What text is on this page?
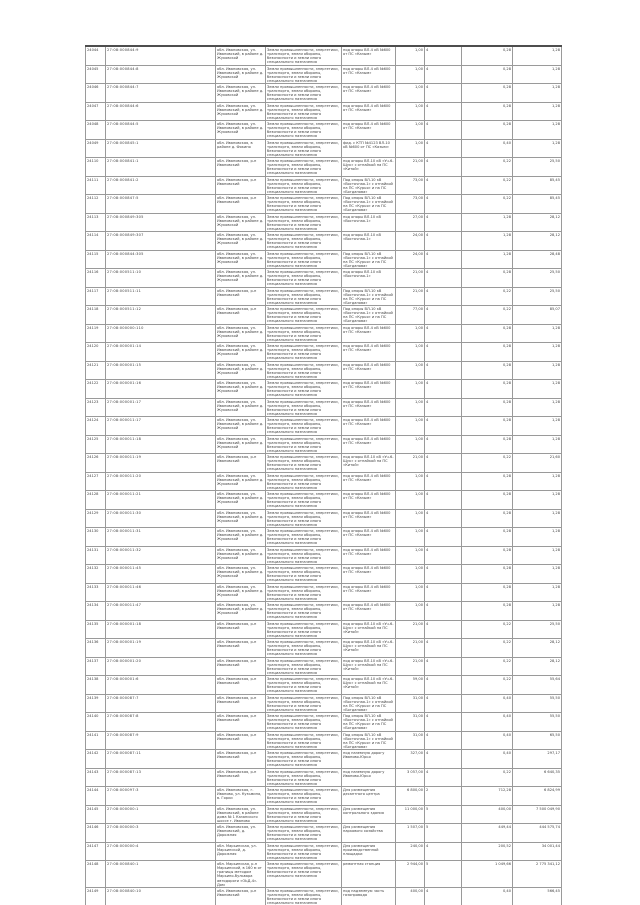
24044	27:08:000844:9	обл. Ивановская, ул. Ивановский, в районе д. Жуковской	Земли промышленности, энергетики, транспорта, земли обороны, безопасности и земли иного специального назначения	под опоры ВЛ-4 кВ №600 от ПС «Казым»	1,00	4	0,28	1,28
24045	27:08:000844:8	обл. Ивановская, ул. Ивановский, в районе д. Жуковской	Земли промышленности, энергетики, транспорта, земли обороны, безопасности и земли иного специального назначения	под опоры ВЛ-4 кВ №600 от ПС «Казым»	1,00	4	0,28	1,28
24046	27:08:000844:7	обл. Ивановская, ул. Ивановский, в районе д. Жуковской	Земли промышленности, энергетики, транспорта, земли обороны, безопасности и земли иного специального назначения	под опоры ВЛ-4 кВ №600 от ПС «Казым»	1,00	4	0,28	1,28
24047	27:08:000844:6	обл. Ивановская, ул. Ивановский, в районе д. Жуковской	Земли промышленности, энергетики, транспорта, земли обороны, безопасности и земли иного специального назначения	под опоры ВЛ-4 кВ №600 от ПС «Казым»	1,00	4	0,28	1,28
24048	27:08:000844:5	обл. Ивановская, ул. Ивановский, в районе д. Жуковской	Земли промышленности, энергетики, транспорта, земли обороны, безопасности и земли иного специального назначения	под опоры ВЛ-4 кВ №600 от ПС «Казым»	1,00	4	0,28	1,28
24049	27:08:000845:1	обл. Ивановская, в районе д. Фокино	Земли промышленности, энергетики, транспорта, земли обороны, безопасности и земли иного специального назначения	фид. с КТП №4123 ВЛ-10 кВ №600 от ПС «Казым»	1,00	4	0,40	1,28
24110	27:08:000841:1	обл. Ивановская, р-н Ивановский	Земли промышленности, энергетики, транспорта, земли обороны, безопасности и земли иного специального назначения	под опоры ВЛ-10 кВ «Уч-6-Щук» с отпайкой на ПС «Китой»	21,00	4	0,22	25,50
24111	27:08:000841:2	обл. Ивановская, р-н Ивановский	Земли промышленности, энергетики, транспорта, земли обороны, безопасности и земли иного специального назначения	Под опоры ВЛ-10 кВ «Восточная-1» с отпайкой на ПС «Курья» и на ПС «Богданова»	73,00	4	0,22	85,45
24112	27:08:000847:5	обл. Ивановская, р-н Ивановский	Земли промышленности, энергетики, транспорта, земли обороны, безопасности и земли иного специального назначения	Под опоры ВЛ-10 кВ «Восточная-1» с отпайкой на ПС «Курья» и на ПС «Богданова»	73,00	4	0,22	85,45
24113	27:08:000849:305	обл. Ивановская, ул. Ивановский, в районе д. Жуковской	Земли промышленности, энергетики, транспорта, земли обороны, безопасности и земли иного специального назначения	под опоры ВЛ-10 кВ «Восточная-1»	27,00	4	1,28	28,12
24114	27:08:000849:307	обл. Ивановская, ул. Ивановский, в районе д. Жуковской	Земли промышленности, энергетики, транспорта, земли обороны, безопасности и земли иного специального назначения	под опоры ВЛ-10 кВ «Восточная-1»	24,00	4	1,28	28,12
24115	27:08:000844:305	обл. Ивановская, ул. Ивановский, в районе д. Жуковской	Земли промышленности, энергетики, транспорта, земли обороны, безопасности и земли иного специального назначения	Под опоры ВЛ-10 кВ «Восточная-1» с отпайкой на ПС «Курья» и на ПС «Богданова»	24,00	4	1,28	28,48
24116	27:08:000511:10	обл. Ивановская, ул. Ивановский, в районе д. Жуковской	Земли промышленности, энергетики, транспорта, земли обороны, безопасности и земли иного специального назначения	под опоры ВЛ-10 кВ «Восточная-1»	21,00	4	0,28	25,50
24117	27:08:000511:11	обл. Ивановская, р-н Ивановский	Земли промышленности, энергетики, транспорта, земли обороны, безопасности и земли иного специального назначения	Под опоры ВЛ-10 кВ «Восточная-1» с отпайкой на ПС «Курья» и на ПС «Богданова»	21,00	4	0,22	25,50
24118	27:08:000511:12	обл. Ивановская, р-н Ивановский	Земли промышленности, энергетики, транспорта, земли обороны, безопасности и земли иного специального назначения	Под опоры ВЛ-10 кВ «Восточная-1» с отпайкой на ПС «Курья» и на ПС «Богданова»	77,00	4	0,22	85,07
24119	27:08:000000:110	обл. Ивановская, ул. Ивановский, в районе д. Жуковской	Земли промышленности, энергетики, транспорта, земли обороны, безопасности и земли иного специального назначения	под опоры ВЛ-4 кВ №600 от ПС «Казым»	1,00	4	0,28	1,28
24120	27:08:000001:14	обл. Ивановская, ул. Ивановский, в районе д. Жуковской	Земли промышленности, энергетики, транспорта, земли обороны, безопасности и земли иного специального назначения	под опоры ВЛ-4 кВ №600 от ПС «Казым»	1,00	4	0,28	1,28
24121	27:08:000001:15	обл. Ивановская, ул. Ивановский, в районе д. Жуковской	Земли промышленности, энергетики, транспорта, земли обороны, безопасности и земли иного специального назначения	под опоры ВЛ-4 кВ №600 от ПС «Казым»	1,00	4	0,28	1,28
24122	27:08:000001:16	обл. Ивановская, ул. Ивановский, в районе д. Жуковской	Земли промышленности, энергетики, транспорта, земли обороны, безопасности и земли иного специального назначения	под опоры ВЛ-4 кВ №600 от ПС «Казым»	1,00	4	0,28	1,28
24123	27:08:000001:17	обл. Ивановская, ул. Ивановский, в районе д. Жуковской	Земли промышленности, энергетики, транспорта, земли обороны, безопасности и земли иного специального назначения	под опоры ВЛ-4 кВ №600 от ПС «Казым»	1,00	4	0,28	1,28
24124	27:08:000011:17	обл. Ивановская, ул. Ивановский, в районе д. Жуковской	Земли промышленности, энергетики, транспорта, земли обороны, безопасности и земли иного специального назначения	под опоры ВЛ-4 кВ №600 от ПС «Казым»	1,00	4	0,28	1,28
24125	27:08:000011:18	обл. Ивановская, ул. Ивановский, в районе д. Жуковской	Земли промышленности, энергетики, транспорта, земли обороны, безопасности и земли иного специального назначения	под опоры ВЛ-4 кВ №600 от ПС «Казым»	1,00	4	0,28	1,28
24126	27:08:000011:19	обл. Ивановская, р-н Ивановский	Земли промышленности, энергетики, транспорта, земли обороны, безопасности и земли иного специального назначения	под опоры ВЛ-10 кВ «Уч-6-Щук» с отпайкой на ПС «Китой»	21,00	4	0,22	21,60
24127	27:08:000011:20	обл. Ивановская, ул. Ивановский, в районе д. Жуковской	Земли промышленности, энергетики, транспорта, земли обороны, безопасности и земли иного специального назначения	под опоры ВЛ-4 кВ №600 от ПС «Казым»	1,00	4	0,28	1,28
24128	27:08:000011:21	обл. Ивановская, ул. Ивановский, в районе д. Жуковской	Земли промышленности, энергетики, транспорта, земли обороны, безопасности и земли иного специального назначения	под опоры ВЛ-4 кВ №600 от ПС «Казым»	1,00	4	0,28	1,28
24129	27:08:000011:30	обл. Ивановская, ул. Ивановский, в районе д. Жуковской	Земли промышленности, энергетики, транспорта, земли обороны, безопасности и земли иного специального назначения	под опоры ВЛ-4 кВ №600 от ПС «Казым»	1,00	4	0,28	1,28
24130	27:08:000011:31	обл. Ивановская, ул. Ивановский, в районе д. Жуковской	Земли промышленности, энергетики, транспорта, земли обороны, безопасности и земли иного специального назначения	под опоры ВЛ-4 кВ №600 от ПС «Казым»	1,00	4	0,28	1,28
24131	27:08:000011:32	обл. Ивановская, ул. Ивановский, в районе д. Жуковской	Земли промышленности, энергетики, транспорта, земли обороны, безопасности и земли иного специального назначения	под опоры ВЛ-4 кВ №600 от ПС «Казым»	1,00	4	0,28	1,28
24132	27:08:000011:45	обл. Ивановская, ул. Ивановский, в районе д. Жуковской	Земли промышленности, энергетики, транспорта, земли обороны, безопасности и земли иного специального назначения	под опоры ВЛ-4 кВ №600 от ПС «Казым»	1,00	4	0,28	1,28
24133	27:08:000011:46	обл. Ивановская, ул. Ивановский, в районе д. Жуковской	Земли промышленности, энергетики, транспорта, земли обороны, безопасности и земли иного специального назначения	под опоры ВЛ-4 кВ №600 от ПС «Казым»	1,00	4	0,28	1,28
24134	27:08:000011:47	обл. Ивановская, ул. Ивановский, в районе д. Жуковской	Земли промышленности, энергетики, транспорта, земли обороны, безопасности и земли иного специального назначения	под опоры ВЛ-4 кВ №600 от ПС «Казым»	1,00	4	0,28	1,28
24135	27:08:000001:18	обл. Ивановская, р-н Ивановский	Земли промышленности, энергетики, транспорта, земли обороны, безопасности и земли иного специального назначения	под опоры ВЛ-10 кВ «Уч-6-Щук» с отпайкой на ПС «Китой»	21,00	4	0,22	25,50
24136	27:08:000001:19	обл. Ивановская, р-н Ивановский	Земли промышленности, энергетики, транспорта, земли обороны, безопасности и земли иного специального назначения	под опоры ВЛ-10 кВ «Уч-6-Щук» с отпайкой на ПС «Китой»	21,00	4	0,22	28,12
24137	27:08:000001:20	обл. Ивановская, р-н Ивановский	Земли промышленности, энергетики, транспорта, земли обороны, безопасности и земли иного специального назначения	под опоры ВЛ-10 кВ «Уч-6-Щук» с отпайкой на ПС «Китой»	21,00	4	0,22	28,12
24138	27:08:000001:6	обл. Ивановская, р-н Ивановский	Земли промышленности, энергетики, транспорта, земли обороны, безопасности и земли иного специального назначения	под опоры ВЛ-10 кВ «Уч-6-Щук» с отпайкой на ПС «Китой»	59,00	4	0,22	55,64
24139	27:08:000087:7	обл. Ивановская, р-н Ивановский	Земли промышленности, энергетики, транспорта, земли обороны, безопасности и земли иного специального назначения	Под опоры ВЛ-10 кВ «Восточная-1» с отпайкой на ПС «Курья» и на ПС «Богданова»	31,00	4	0,40	55,50
24140	27:08:000087:8	обл. Ивановская, р-н Ивановский	Земли промышленности, энергетики, транспорта, земли обороны, безопасности и земли иного специального назначения	Под опоры ВЛ-10 кВ «Восточная-1» с отпайкой на ПС «Курья» и на ПС «Богданова»	31,00	4	0,40	55,50
24141	27:08:000087:9	обл. Ивановская, р-н Ивановский	Земли промышленности, энергетики, транспорта, земли обороны, безопасности и земли иного специального назначения	Под опоры ВЛ-10 кВ «Восточная-1» с отпайкой на ПС «Курья» и на ПС «Богданова»	31,00	4	0,40	65,50
24142	27:08:000087:11	обл. Ивановская, р-н Ивановский	Земли промышленности, энергетики, транспорта, земли обороны, безопасности и земли иного специального назначения	под наземную дорогу Иваново-Юрья	327,00	4	0,40	297,17
24143	27:08:000087:13	обл. Ивановская, р-н Ивановский	Земли промышленности, энергетики, транспорта, земли обороны, безопасности и земли иного специального назначения	под наземную дорогу Иваново-Юрья	3 057,00	4	0,22	6 640,35
24144	27:08:000097:3	обл. Ивановская, г. Иваново, ул. Кузьмина, в. Горки	Земли промышленности, энергетики, транспорта, земли обороны, безопасности и земли иного специального назначения	Для размещения десантного центра	6 800,00	2	712,28	6 824,99
24145	27:08:000000:1	обл. Ивановская, ул. Ивановский, в районе дома № 1 Казанского шоссе г. Иваново	Земли промышленности, энергетики, транспорта, земли обороны, безопасности и земли иного специального назначения	Для размещения контрольного здания	11 000,00	5	400,00	7 500 049,90
24146	27:08:000000:3	обл. Ивановская, ул. Ивановский, д. Дорожная	Земли промышленности, энергетики, транспорта, земли обороны, безопасности и земли иного специального назначения	Для размещения паркового хозяйства	1 507,00	5	449,44	444 575,74
24147	27:08:000000:4	обл. Марьинская, ул. Марьинской, д. Дорожная	Земли промышленности, энергетики, транспорта, земли обороны, безопасности и земли иного специального назначения	Для размещения производственной площадки	240,00	4	200,52	34 001,44
24148	27:08:000840:1	обл. Марьинская, р-н Марьинский, в 160 м от границы методом Марьино-бульвара автодороги «ОЬД-4». Дом	Земли промышленности, энергетики, транспорта, земли обороны, безопасности и земли иного специального назначения	ремонтная станция	2 944,00	5	1 049,66	2 775 341,12
24149	27:08:000840:10	обл. Ивановская, р-н Ивановский	Земли промышленности, энергетики, транспорта, земли обороны, безопасности и земли иного специального назначения	под надземную часть газопровода	400,00	4	0,40	566,45
